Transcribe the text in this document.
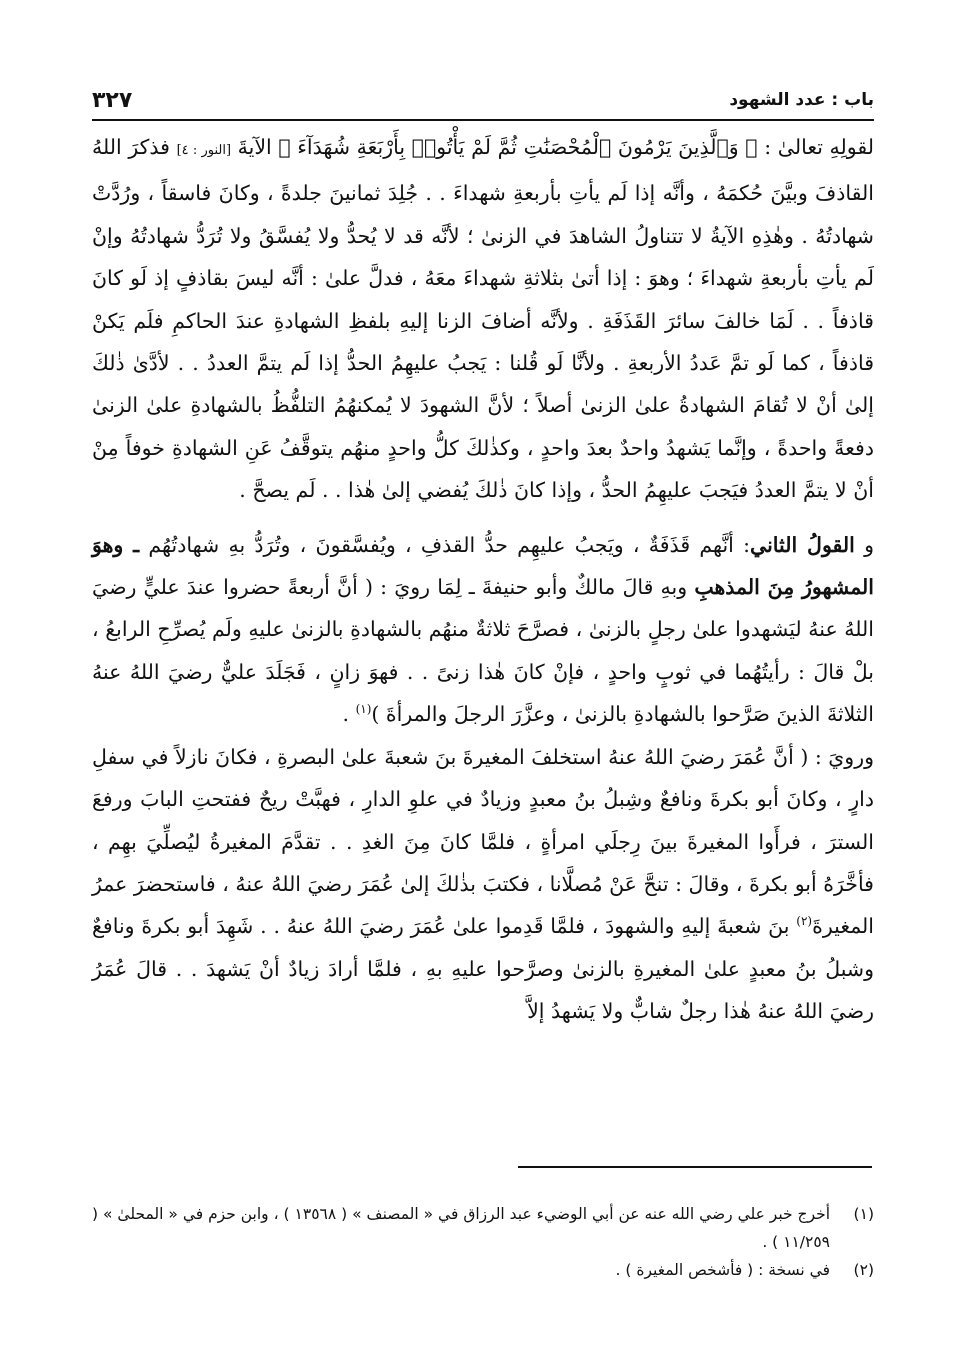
باب : عدد الشهود
٣٢٧

لقولِهِ تعالىٰ : ﴿ وَٱلَّذِينَ يَرْمُونَ ٱلْمُحْصَنَٰتِ ثُمَّ لَمْ يَأْتُوا۟ بِأَرْبَعَةِ شُهَدَآءَ ﴾ الآيةَ [النور : ٤] فذكرَ اللهُ القاذفَ وبيَّنَ حُكمَهُ ، وأنَّه إذا لَم يأتِ بأربعةِ شهداءَ . . جُلِدَ ثمانينَ جلدةً ، وكانَ فاسقاً ، ورُدَّتْ شهادتُهُ . وهٰذِهِ الآيةُ لا تتناولُ الشاهدَ في الزنىٰ ؛ لأنَّه قد لا يُحدُّ ولا يُفسَّقُ ولا تُرَدُّ شهادتُهُ وإنْ لَم يأتِ بأربعةِ شهداءَ ؛ وهوَ : إذا أتىٰ بثلاثةِ شهداءَ معَهُ ، فدلَّ علىٰ : أنَّه ليسَ بقاذفٍ إذ لَو كانَ قاذفاً . . لَمَا خالفَ سائرَ القَذَفَةِ . ولأنَّه أضافَ الزنا إليهِ بلفظِ الشهادةِ عندَ الحاكمِ فلَم يَكنْ قاذفاً ، كما لَو تمَّ عَددُ الأربعةِ . ولأنَّا لَو قُلنا : يَجبُ عليهِمُ الحدُّ إذا لَم يتمَّ العددُ . . لأدَّىٰ ذٰلكَ إلىٰ أنْ لا تُقامَ الشهادةُ علىٰ الزنىٰ أصلاً ؛ لأنَّ الشهودَ لا يُمكنهُمُ التلفُّظُ بالشهادةِ علىٰ الزنىٰ دفعةً واحدةً ، وإنَّما يَشهدُ واحدٌ بعدَ واحدٍ ، وكذٰلكَ كلُّ واحدٍ منهُم يتوقَّفُ عَنِ الشهادةِ خوفاً مِنْ أنْ لا يتمَّ العددُ فيَجبَ عليهِمُ الحدُّ ، وإذا كانَ ذٰلكَ يُفضي إلىٰ هٰذا . . لَم يصحَّ .

و القولُ الثاني: أنَّهم قَذَفَةٌ ، ويَجبُ عليهِم حدُّ القذفِ ، ويُفسَّقونَ ، وتُرَدُّ بهِ شهادتُهُم ـ وهوَ المشهورُ مِنَ المذهبِ وبهِ قالَ مالكٌ وأبو حنيفةَ ـ لِمَا رويَ : ( أنَّ أربعةً حضروا عندَ عليٍّ رضيَ اللهُ عنهُ ليَشهدوا علىٰ رجلٍ بالزنىٰ ، فصرَّحَ ثلاثةٌ منهُم بالشهادةِ بالزنىٰ عليهِ ولَم يُصرِّحِ الرابعُ ، بلْ قالَ : رأيتُهُما في ثوبٍ واحدٍ ، فإنْ كانَ هٰذا زنىً . . فهوَ زانٍ ، فَجَلَدَ عليٌّ رضيَ اللهُ عنهُ الثلاثةَ الذينَ صَرَّحوا بالشهادةِ بالزنىٰ ، وعزَّرَ الرجلَ والمرأةَ )$^{(١)}$ .

ورويَ : ( أنَّ عُمَرَ رضيَ اللهُ عنهُ استخلفَ المغيرةَ بنَ شعبةَ علىٰ البصرةِ ، فكانَ نازلاً في سفلِ دارٍ ، وكانَ أبو بكرةَ ونافعٌ وشِبلُ بنُ معبدٍ وزيادٌ في علوِ الدارِ ، فهبَّتْ ريحٌ ففتحتِ البابَ ورفعَ السترَ ، فرأَوا المغيرةَ بينَ رِجلَي امرأةٍ ، فلمَّا كانَ مِنَ الغدِ . . تقدَّمَ المغيرةُ ليُصلِّيَ بهِم ، فأخَّرَهُ أبو بكرةَ ، وقالَ : تنحَّ عَنْ مُصلَّانا ، فكتبَ بذٰلكَ إلىٰ عُمَرَ رضيَ اللهُ عنهُ ، فاستحضرَ عمرُ المغيرةَ$^{(٢)}$ بنَ شعبةَ إليهِ والشهودَ ، فلمَّا قَدِموا علىٰ عُمَرَ رضيَ اللهُ عنهُ . . شَهِدَ أبو بكرةَ ونافعٌ وشبلُ بنُ معبدٍ علىٰ المغيرةِ بالزنىٰ وصرَّحوا عليهِ بهِ ، فلمَّا أرادَ زيادٌ أنْ يَشهدَ . . قالَ عُمَرُ رضيَ اللهُ عنهُ هٰذا رجلٌ شابٌّ ولا يَشهدُ إلاَّ

(١)
أخرج خبر علي رضي الله عنه عن أبي الوضيء عبد الرزاق في « المصنف » ( ١٣٥٦٨ ) ، وابن حزم في « المحلىٰ » ( ١١/٢٥٩ ) .
(٢)
في نسخة : ( فأشخص المغيرة ) .
